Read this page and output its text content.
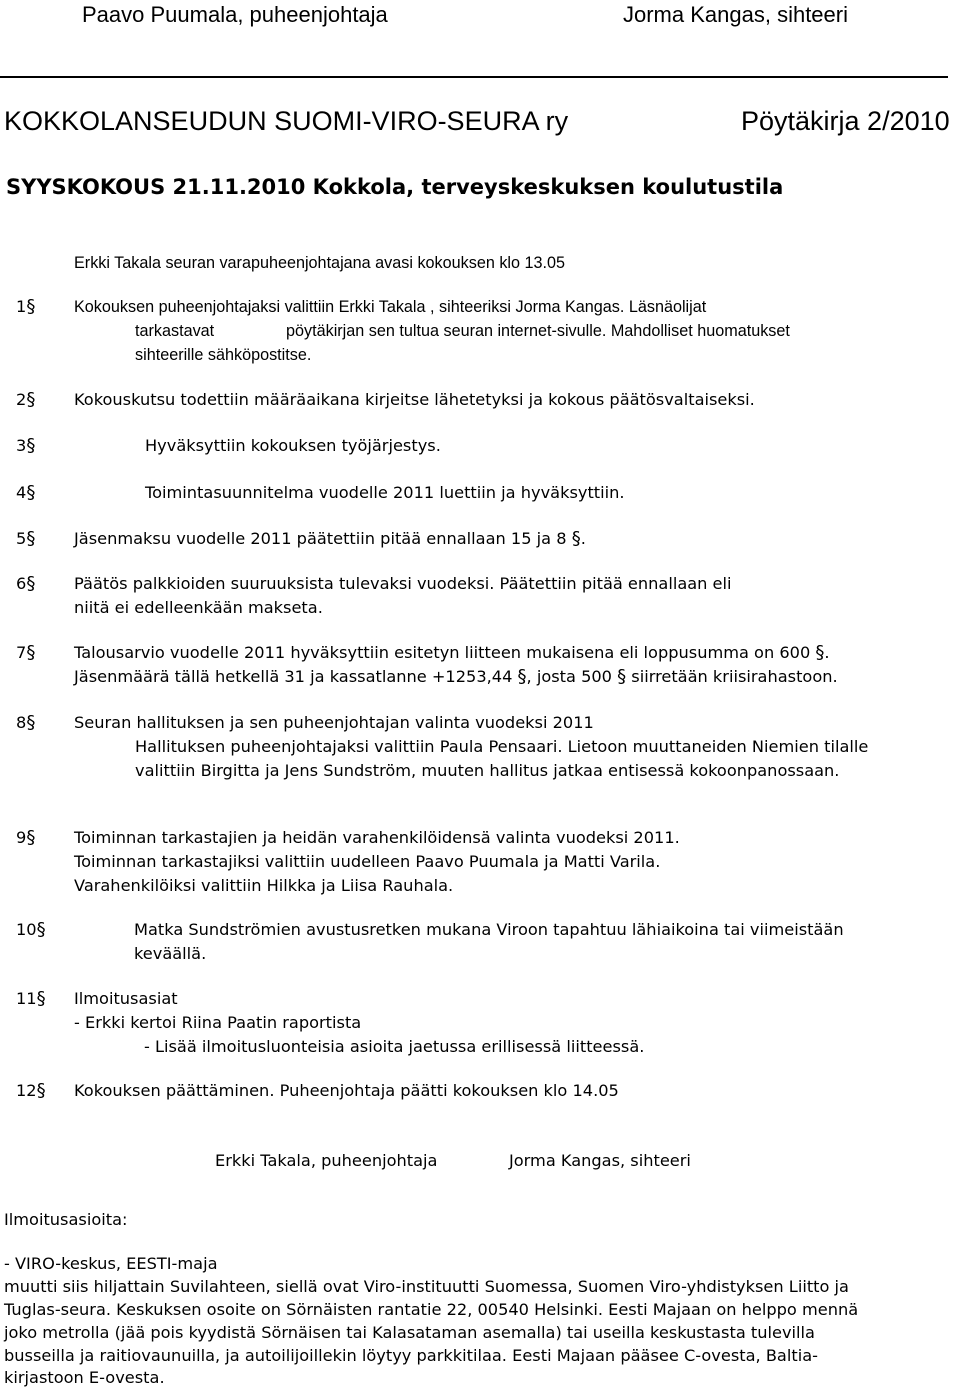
Paavo Puumala, puheenjohtaja	Jorma Kangas, sihteeri
KOKKOLANSEUDUN SUOMI-VIRO-SEURA ry	Pöytäkirja 2/2010
SYYSKOKOUS 21.11.2010 Kokkola, terveyskeskuksen koulutustila
Erkki Takala seuran varapuheenjohtajana avasi kokouksen klo 13.05
1§ Kokouksen puheenjohtajaksi valittiin Erkki Takala , sihteeriksi Jorma Kangas. Läsnäolijat
tarkastavat	pöytäkirjan sen tultua seuran internet-sivulle. Mahdolliset huomatukset
sihteerille sähköpostitse.
2§ Kokouskutsu todettiin määräaikana kirjeitse lähetetyksi ja kokous päätösvaltaiseksi.
3§	Hyväksyttiin kokouksen työjärjestys.
4§	Toimintasuunnitelma vuodelle 2011 luettiin ja hyväksyttiin.
5§ Jäsenmaksu vuodelle 2011 päätettiin pitää ennallaan 15 ja 8 §.
6§ Päätös palkkioiden suuruuksista tulevaksi vuodeksi. Päätettiin pitää ennallaan eli
niitä ei edelleenkään makseta.
7§ Talousarvio vuodelle 2011 hyväksyttiin esitetyn liitteen mukaisena eli loppusumma on 600 §.
Jäsenmäärä tällä hetkellä 31 ja kassatlanne +1253,44 §, josta 500 § siirretään kriisirahastoon.
8§ Seuran hallituksen ja sen puheenjohtajan valinta vuodeksi 2011
Hallituksen puheenjohtajaksi valittiin Paula Pensaari. Lietoon muuttaneiden Niemien tilalle
valittiin Birgitta ja Jens Sundström, muuten hallitus jatkaa entisessä kokoonpanossaan.
9§ Toiminnan tarkastajien ja heidän varahenkilöidensä valinta vuodeksi 2011.
Toiminnan tarkastajiksi valittiin uudelleen Paavo Puumala ja Matti Varila.
Varahenkilöiksi valittiin Hilkka ja Liisa Rauhala.
10§	Matka Sundströmien avustusretken mukana Viroon tapahtuu lähiaikoina tai viimeistään
keväällä.
11§ Ilmoitusasiat
- Erkki kertoi Riina Paatin raportista
- Lisää ilmoitusluonteisia asioita jaetussa erillisessä liitteessä.
12§ Kokouksen päättäminen. Puheenjohtaja päätti kokouksen klo 14.05
Erkki Takala, puheenjohtaja	Jorma Kangas, sihteeri
Ilmoitusasioita:
- VIRO-keskus, EESTI-maja
muutti siis hiljattain Suvilahteen, siellä ovat Viro-instituutti Suomessa, Suomen Viro-yhdistyksen Liitto ja
Tuglas-seura. Keskuksen osoite on Sörnäisten rantatie 22, 00540 Helsinki. Eesti Majaan on helppo mennä
joko metrolla (jää pois kyydistä Sörnäisen tai Kalasataman asemalla) tai useilla keskustasta tulevilla
busseilla ja raitiovaunuilla, ja autoilijoillekin löytyy parkkitilaa. Eesti Majaan pääsee C-ovesta, Baltia-
kirjastoon E-ovesta.
